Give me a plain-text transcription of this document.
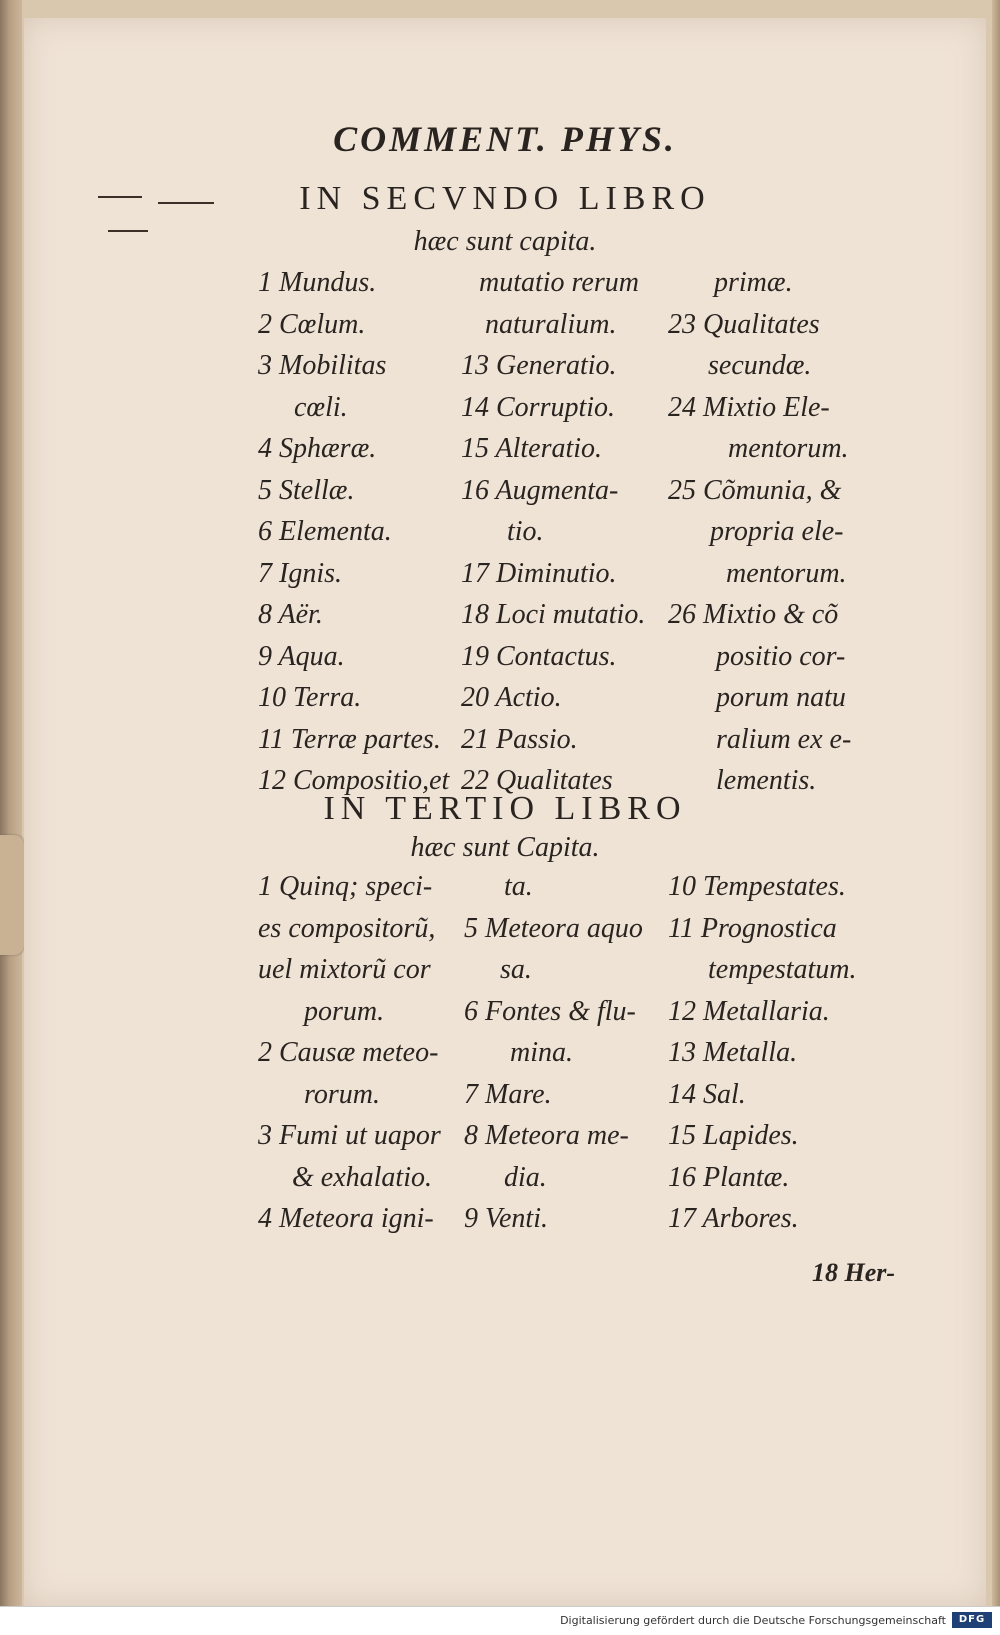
COMMENT. PHYS.
IN SECVNDO LIBRO
hæc sunt capita.
1 Mundus.
2 Cœlum.
3 Mobilitas
cœli.
4 Sphæræ.
5 Stellæ.
6 Elementa.
7 Ignis.
8 Aër.
9 Aqua.
10 Terra.
11 Terræ partes.
12 Compositio,et
mutatio rerum
naturalium.
13 Generatio.
14 Corruptio.
15 Alteratio.
16 Augmenta-
tio.
17 Diminutio.
18 Loci mutatio.
19 Contactus.
20 Actio.
21 Passio.
22 Qualitates
primæ.
23 Qualitates
secundæ.
24 Mixtio Ele-
mentorum.
25 Cõmunia, &
propria ele-
mentorum.
26 Mixtio & cõ
positio cor-
porum natu
ralium ex e-
lementis.
IN TERTIO LIBRO
hæc sunt Capita.
1 Quinq; speci-
es compositorũ,
uel mixtorũ cor
porum.
2 Causæ meteo-
rorum.
3 Fumi ut uapor
& exhalatio.
4 Meteora igni-
ta.
5 Meteora aquo
sa.
6 Fontes & flu-
mina.
7 Mare.
8 Meteora me-
dia.
9 Venti.
10 Tempestates.
11 Prognostica
tempestatum.
12 Metallaria.
13 Metalla.
14 Sal.
15 Lapides.
16 Plantæ.
17 Arbores.
18 Her-
Digitalisierung gefördert durch die Deutsche Forschungsgemeinschaft	DFG
